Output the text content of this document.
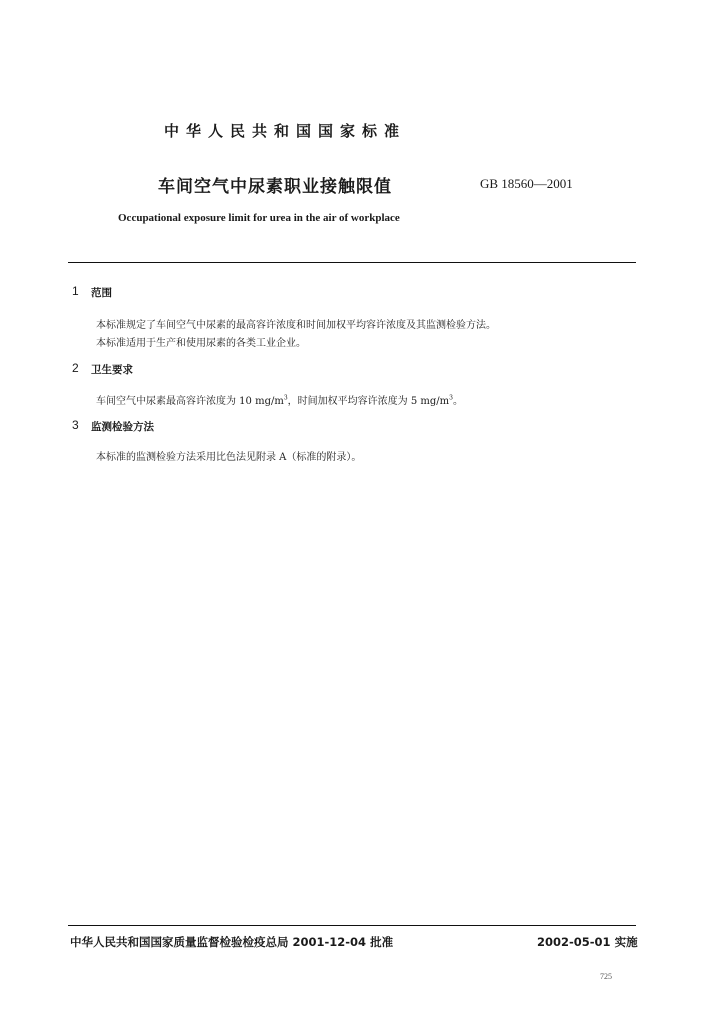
中华人民共和国国家标准
车间空气中尿素职业接触限值	GB 18560—2001
Occupational exposure limit for urea in the air of workplace
1 范围
本标准规定了车间空气中尿素的最高容许浓度和时间加权平均容许浓度及其监测检验方法。
本标准适用于生产和使用尿素的各类工业企业。
2 卫生要求
车间空气中尿素最高容许浓度为 10 $mg/m^3$，时间加权平均容许浓度为 5 $mg/m^3$。
3 监测检验方法
本标准的监测检验方法采用比色法见附录 A（标准的附录）。
中华人民共和国国家质量监督检验检疫总局 2001-12-04 批准	2002-05-01 实施
725
